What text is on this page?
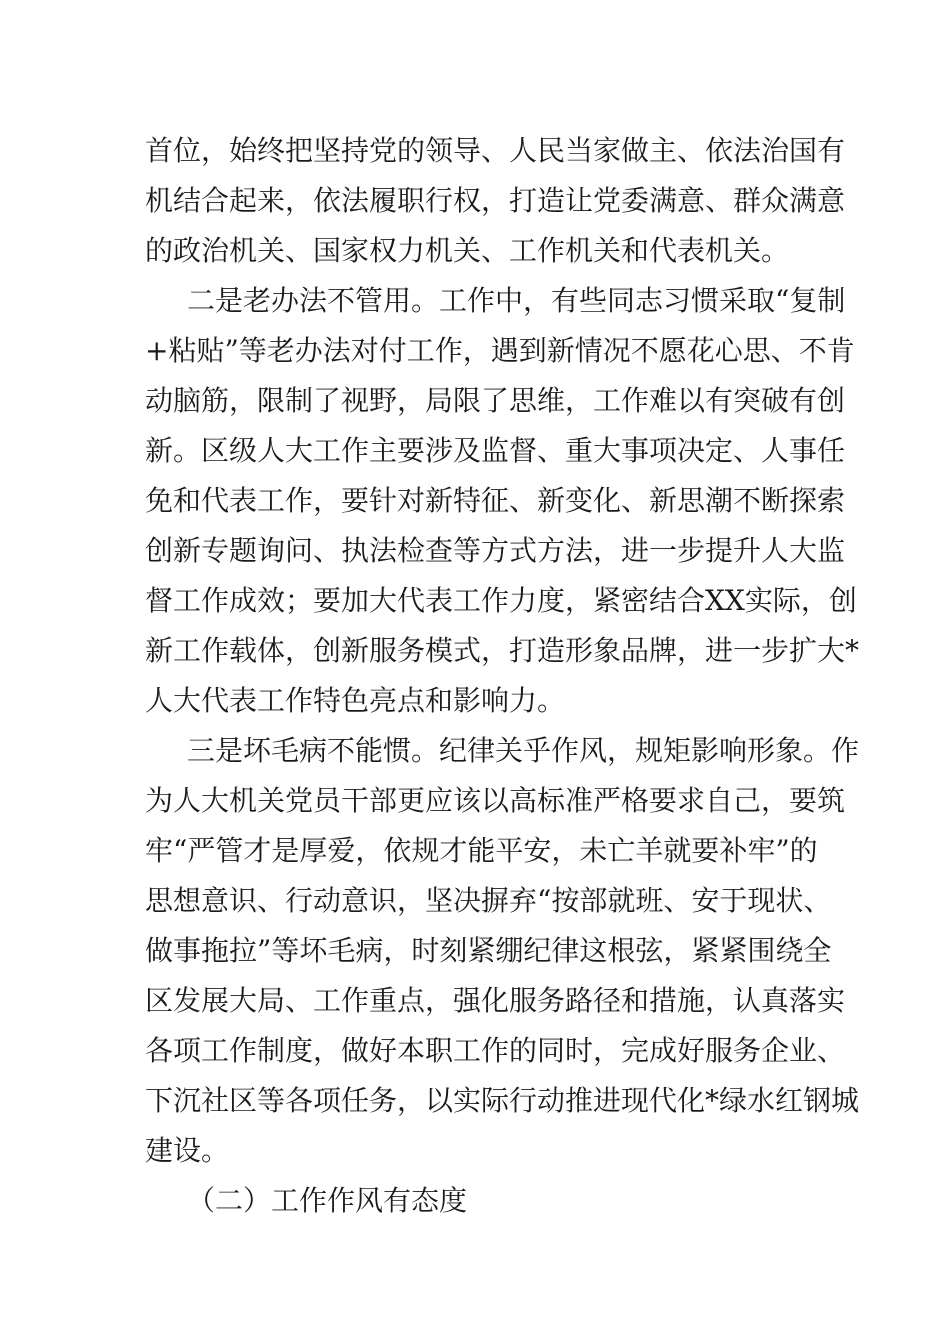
首位，始终把坚持党的领导、人民当家做主、依法治国有
机结合起来，依法履职行权，打造让党委满意、群众满意
的政治机关、国家权力机关、工作机关和代表机关。
二是老办法不管用。工作中，有些同志习惯采取“复制
+粘贴”等老办法对付工作，遇到新情况不愿花心思、不肯
动脑筋，限制了视野，局限了思维，工作难以有突破有创
新。区级人大工作主要涉及监督、重大事项决定、人事任
免和代表工作，要针对新特征、新变化、新思潮不断探索
创新专题询问、执法检查等方式方法，进一步提升人大监
督工作成效；要加大代表工作力度，紧密结合XX实际，创
新工作载体，创新服务模式，打造形象品牌，进一步扩大*
人大代表工作特色亮点和影响力。
三是坏毛病不能惯。纪律关乎作风，规矩影响形象。作
为人大机关党员干部更应该以高标准严格要求自己，要筑
牢“严管才是厚爱，依规才能平安，未亡羊就要补牢”的
思想意识、行动意识，坚决摒弃“按部就班、安于现状、
做事拖拉”等坏毛病，时刻紧绷纪律这根弦，紧紧围绕全
区发展大局、工作重点，强化服务路径和措施，认真落实
各项工作制度，做好本职工作的同时，完成好服务企业、
下沉社区等各项任务，以实际行动推进现代化*绿水红钢城
建设。
（二）工作作风有态度
